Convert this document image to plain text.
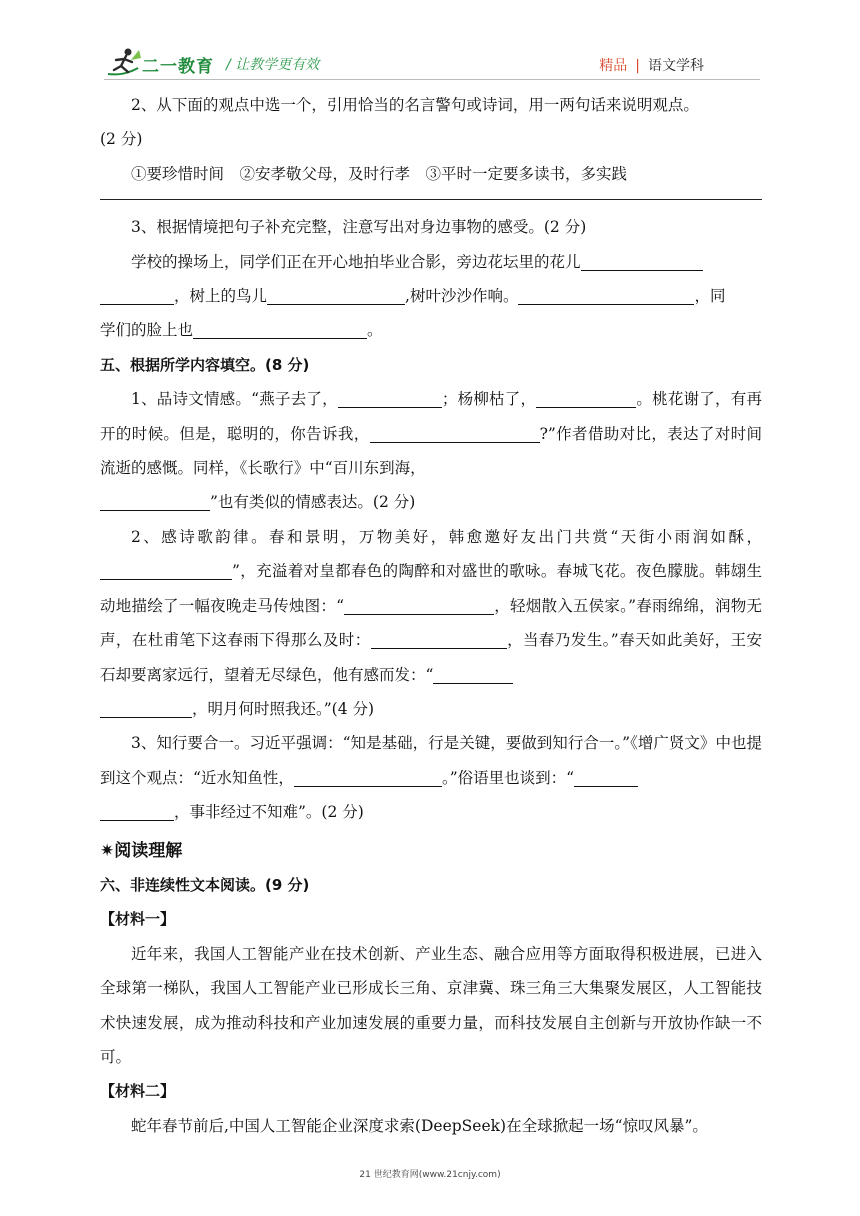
二一教育 / 让教学更有效	精品 | 语文学科

2、从下面的观点中选一个，引用恰当的名言警句或诗词，用一两句话来说明观点。

(2 分)

①要珍惜时间　②安孝敬父母，及时行孝　③平时一定要多读书，多实践

3、根据情境把句子补充完整，注意写出对身边事物的感受。(2 分)

学校的操场上，同学们正在开心地拍毕业合影，旁边花坛里的花儿

，树上的鸟儿	,树叶沙沙作响。	，同

学们的脸上也	。

五、根据所学内容填空。(8 分)

1、品诗文情感。“燕子去了，	；杨柳枯了，	。桃花谢了，有再开的时候。但是，聪明的，你告诉我，	?”作者借助对比，表达了对时间流逝的感慨。同样，《长歌行》中“百川东到海，
”也有类似的情感表达。(2 分)

2、感诗歌韵律。春和景明，万物美好，韩愈邀好友出门共赏“天街小雨润如酥，”，充溢着对皇都春色的陶醉和对盛世的歌咏。春城飞花。夜色朦胧。韩翃生动地描绘了一幅夜晚走马传烛图：“	，轻烟散入五侯家。”春雨绵绵，润物无声，在杜甫笔下这春雨下得那么及时：	，当春乃发生。”春天如此美好，王安石却要离家远行，望着无尽绿色，他有感而发：“
，明月何时照我还。”(4 分)

3、知行要合一。习近平强调：“知是基础，行是关键，要做到知行合一。”《增广贤文》中也提到这个观点：“近水知鱼性，	。”俗语里也谈到：“
，事非经过不知难”。(2 分)

✷阅读理解

六、非连续性文本阅读。(9 分)

【材料一】

近年来，我国人工智能产业在技术创新、产业生态、融合应用等方面取得积极进展，已进入全球第一梯队，我国人工智能产业已形成长三角、京津冀、珠三角三大集聚发展区，人工智能技术快速发展，成为推动科技和产业加速发展的重要力量，而科技发展自主创新与开放协作缺一不可。

【材料二】

蛇年春节前后,中国人工智能企业深度求索(DeepSeek)在全球掀起一场“惊叹风暴”。

21 世纪教育网(www.21cnjy.com)
